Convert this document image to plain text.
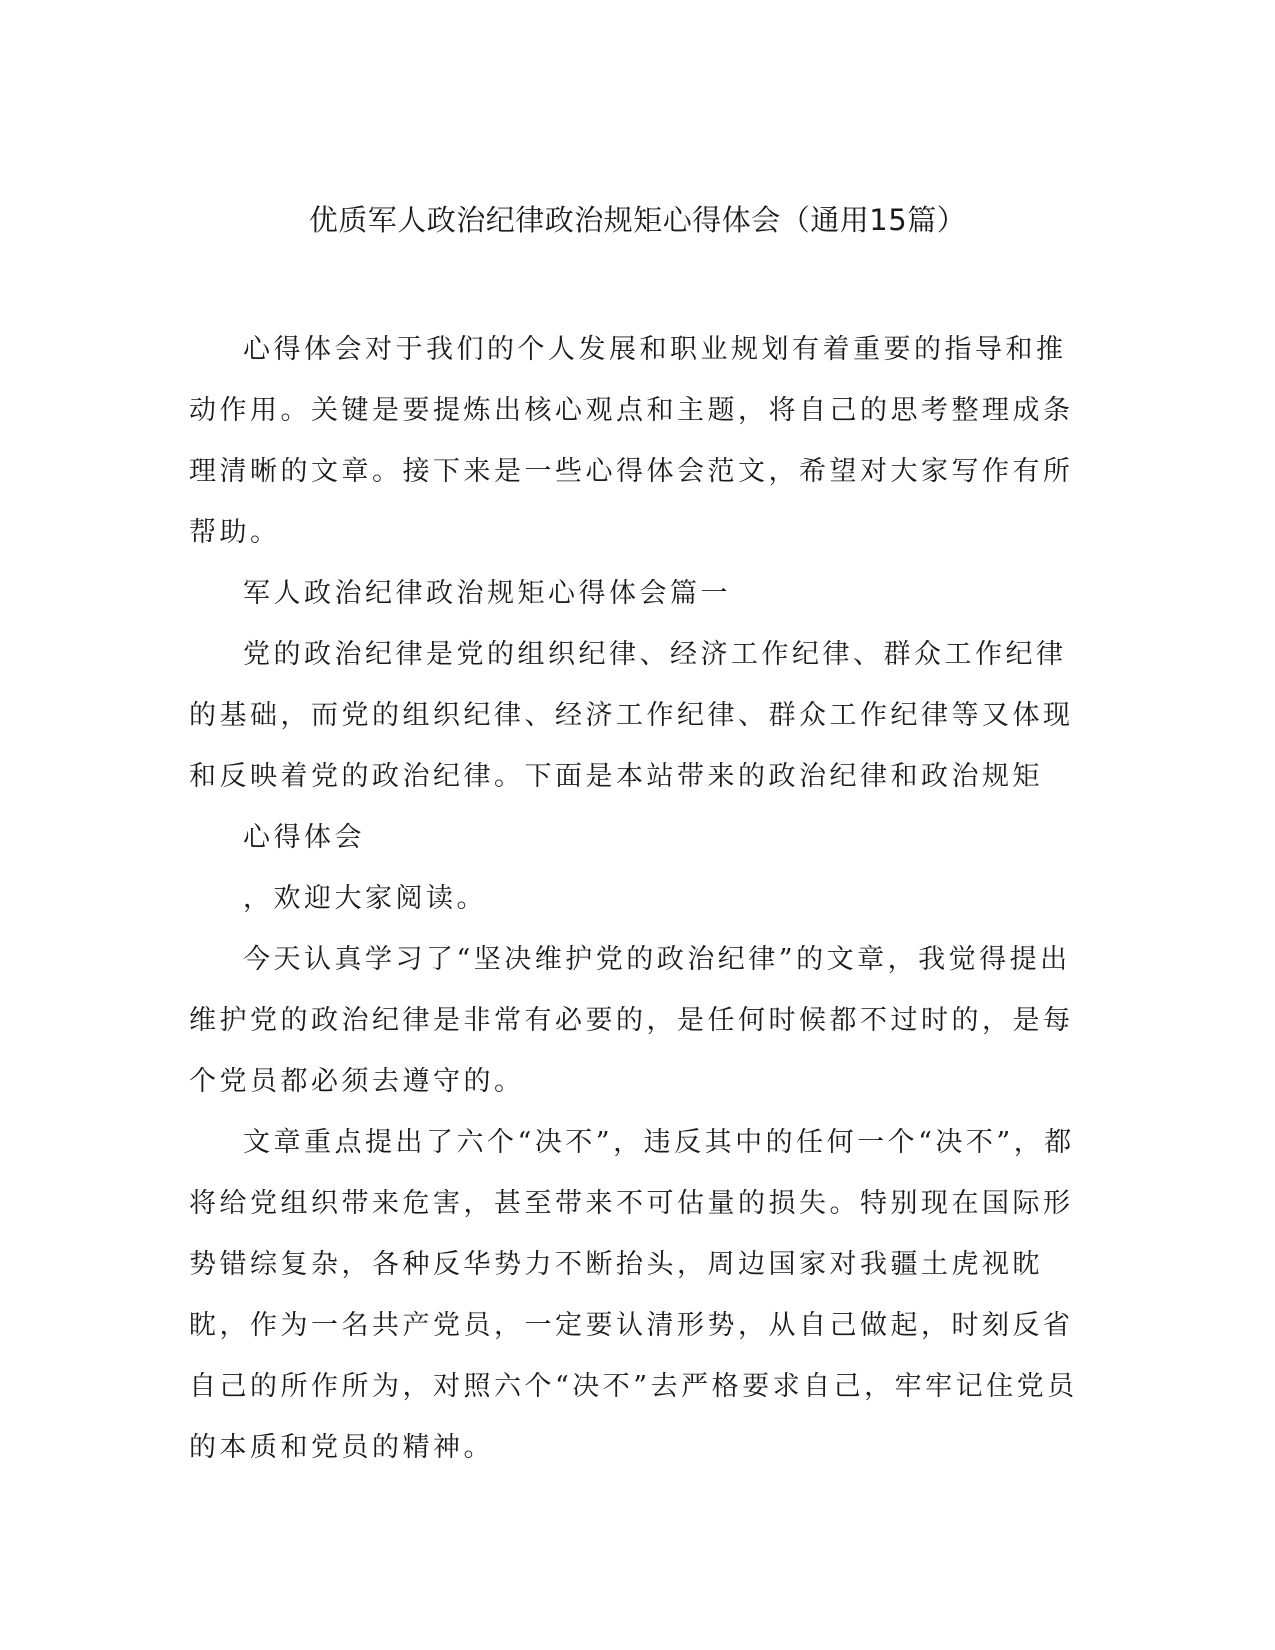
优质军人政治纪律政治规矩心得体会（通用15篇）

心得体会对于我们的个人发展和职业规划有着重要的指导和推动作用。关键是要提炼出核心观点和主题，将自己的思考整理成条理清晰的文章。接下来是一些心得体会范文，希望对大家写作有所帮助。

军人政治纪律政治规矩心得体会篇一

党的政治纪律是党的组织纪律、经济工作纪律、群众工作纪律的基础，而党的组织纪律、经济工作纪律、群众工作纪律等又体现和反映着党的政治纪律。下面是本站带来的政治纪律和政治规矩

心得体会

，欢迎大家阅读。

今天认真学习了“坚决维护党的政治纪律”的文章，我觉得提出维护党的政治纪律是非常有必要的，是任何时候都不过时的，是每个党员都必须去遵守的。

文章重点提出了六个“决不”，违反其中的任何一个“决不”，都将给党组织带来危害，甚至带来不可估量的损失。特别现在国际形势错综复杂，各种反华势力不断抬头，周边国家对我疆土虎视眈眈，作为一名共产党员，一定要认清形势，从自己做起，时刻反省自己的所作所为，对照六个“决不”去严格要求自己，牢牢记住党员的本质和党员的精神。
